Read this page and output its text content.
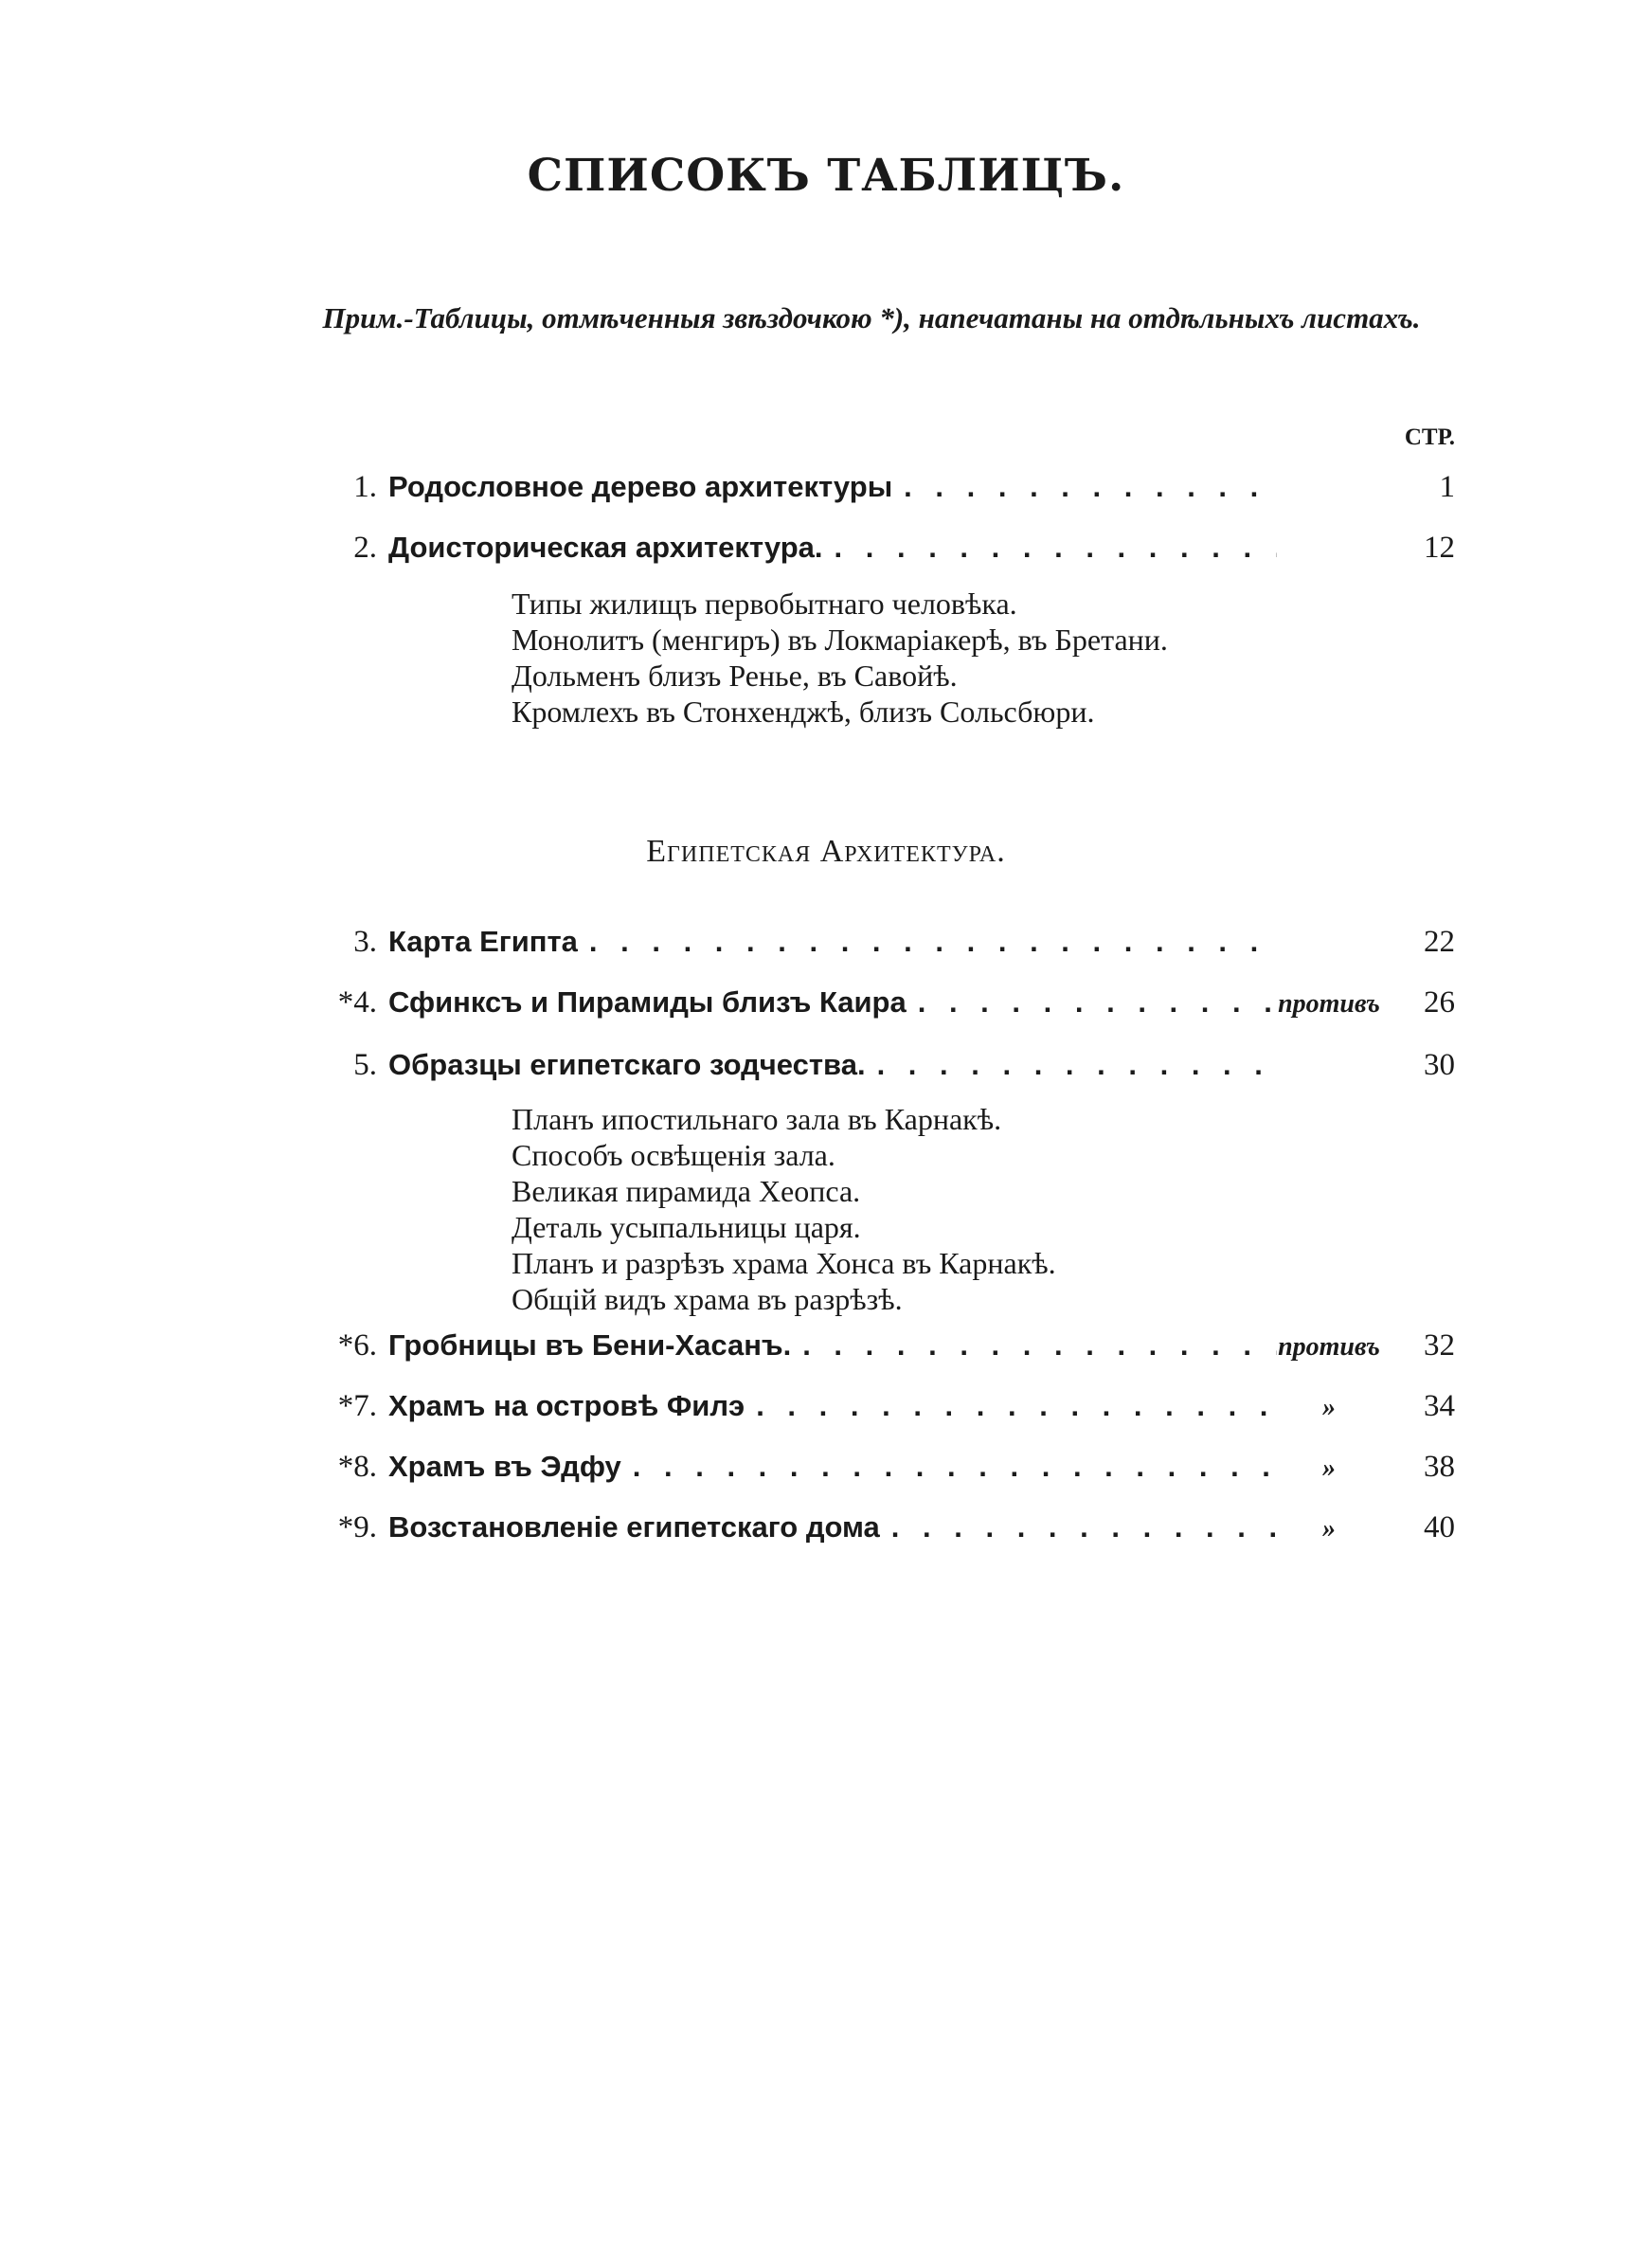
СПИСОКЪ ТАБЛИЦЪ.
Прим.-Таблицы, отмѣченныя звѣздочкою *), напечатаны на отдѣльныхъ листахъ.
СТР.
1. Родословное дерево архитектуры . . .	1
2. Доисторическая архитектура. . . .	12
Типы жилищъ первобытнаго человѣка.
Монолитъ (менгиръ) въ Локмаріакерѣ, въ Бретани.
Дольменъ близъ Ренье, въ Савойѣ.
Кромлехъ въ Стонхенджѣ, близъ Сольсбюри.
Египетская Архитектура.
3. Карта Египта . . .	22
*4. Сфинксъ и Пирамиды близъ Каира . . .	противъ	26
5. Образцы египетскаго зодчества. . . .	30
Планъ ипостильнаго зала въ Карнакѣ.
Способъ освѣщенія зала.
Великая пирамида Хеопса.
Деталь усыпальницы царя.
Планъ и разрѣзъ храма Хонса въ Карнакѣ.
Общій видъ храма въ разрѣзѣ.
*6. Гробницы въ Бени-Хасанъ. . . .	противъ	32
*7. Храмъ на островѣ Филэ . . .	»	34
*8. Храмъ въ Эдфу . . .	»	38
*9. Возстановленіе египетскаго дома . . .	»	40
